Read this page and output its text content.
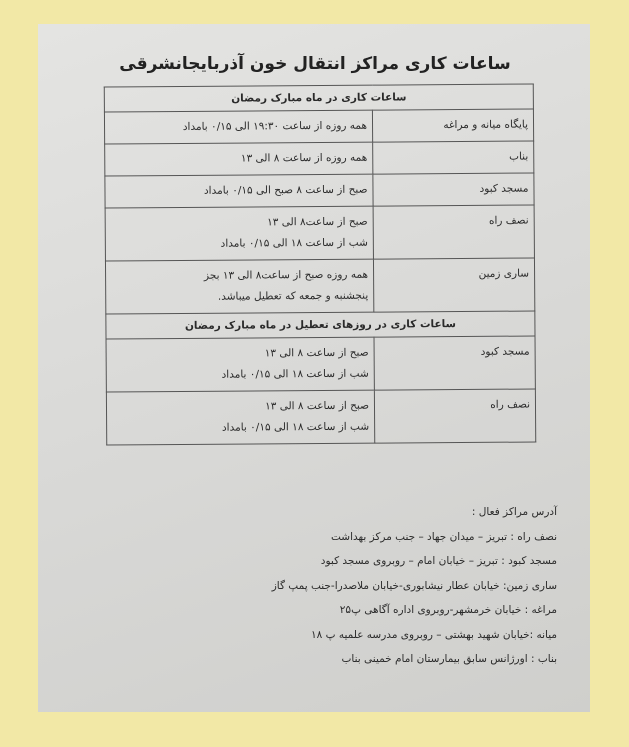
ساعات کاری مراکز انتقال خون آذربایجانشرقی
ساعات کاری در ماه مبارک رمضان	
پایگاه میانه و مراغه	همه روزه از ساعت ۱۹:۳۰ الی ۰/۱۵ بامداد

بناب	همه روزه از ساعت ۸ الی ۱۳

مسجد کبود	صبح از ساعت ۸ صبح الی ۰/۱۵ بامداد

نصف راه	صبح از ساعت۸ الی ۱۳
شب از ساعت ۱۸ الی ۰/۱۵ بامداد

ساری زمین	همه روزه صبح از ساعت۸ الی ۱۳ بجز
پنجشنبه و جمعه که تعطیل میباشد.

ساعات کاری در روزهای تعطیل در ماه مبارک رمضان	
مسجد کبود	صبح از ساعت ۸ الی ۱۳
شب از ساعت ۱۸ الی ۰/۱۵ بامداد

نصف راه	صبح از ساعت ۸ الی ۱۳
شب از ساعت ۱۸ الی ۰/۱۵ بامداد
آدرس مراکز فعال :
نصف راه : تبریز – میدان جهاد – جنب مرکز بهداشت
مسجد کبود : تبریز – خیابان امام – روبروی مسجد کبود
ساری زمین: خیابان عطار نیشابوری-خیابان ملاصدرا-جنب پمپ گاز
مراغه : خیابان خرمشهر-روبروی اداره آگاهی پ۲۵
میانه :خیابان شهید بهشتی – روبروی مدرسه علمیه پ ۱۸
بناب : اورژانس سابق بیمارستان امام خمینی بناب
